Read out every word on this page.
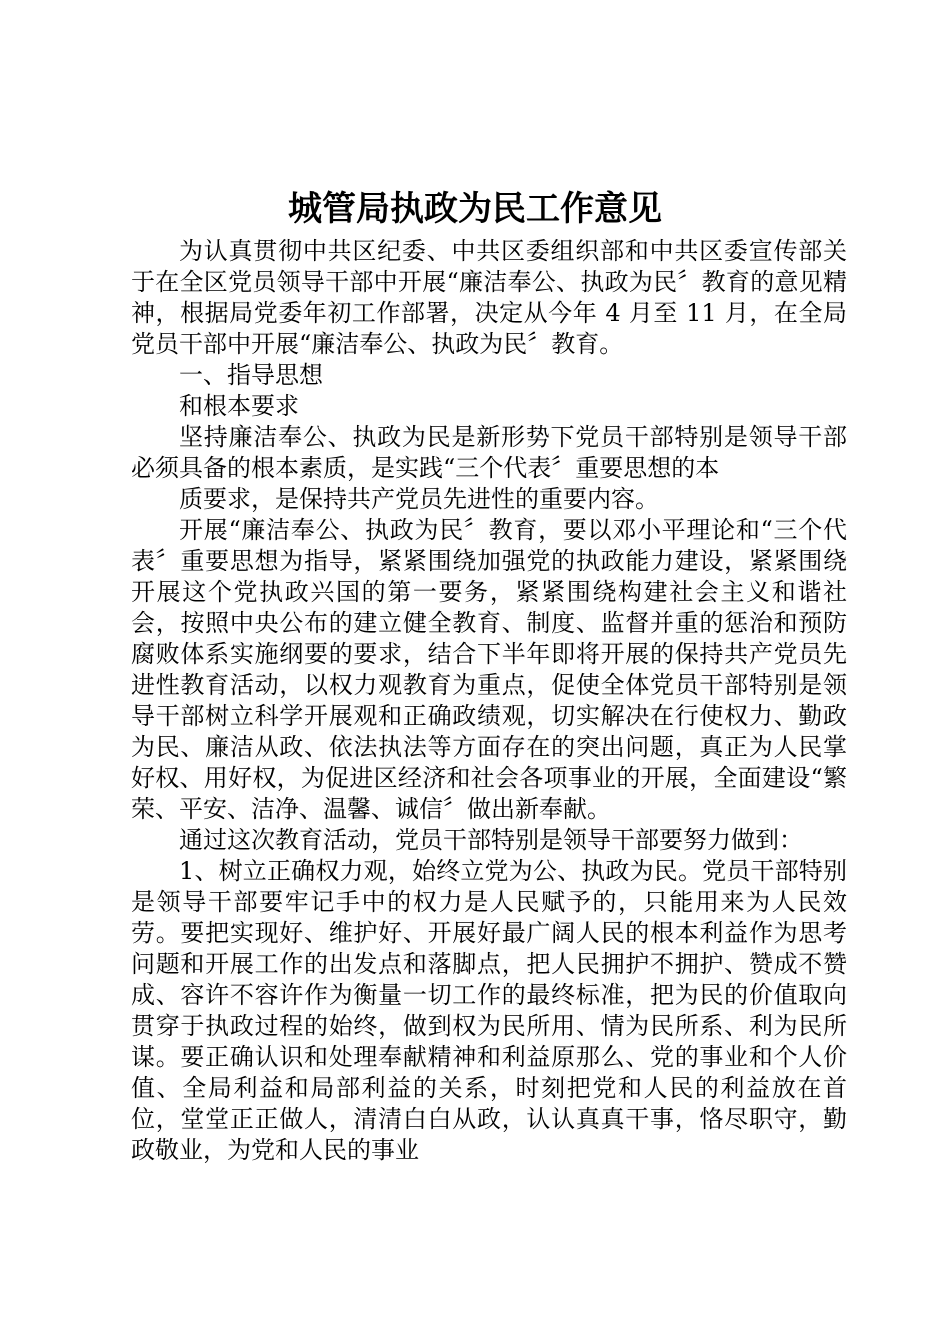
城管局执政为民工作意见

为认真贯彻中共区纪委、中共区委组织部和中共区委宣传部关于在全区党员领导干部中开展“廉洁奉公、执政为民〞教育的意见精神，根据局党委年初工作部署，决定从今年 4 月至 11 月，在全局党员干部中开展“廉洁奉公、执政为民〞教育。

一、指导思想

和根本要求

坚持廉洁奉公、执政为民是新形势下党员干部特别是领导干部必须具备的根本素质，是实践“三个代表〞重要思想的本

质要求，是保持共产党员先进性的重要内容。

开展“廉洁奉公、执政为民〞教育，要以邓小平理论和“三个代表〞重要思想为指导，紧紧围绕加强党的执政能力建设，紧紧围绕开展这个党执政兴国的第一要务，紧紧围绕构建社会主义和谐社会，按照中央公布的建立健全教育、制度、监督并重的惩治和预防腐败体系实施纲要的要求，结合下半年即将开展的保持共产党员先进性教育活动，以权力观教育为重点，促使全体党员干部特别是领导干部树立科学开展观和正确政绩观，切实解决在行使权力、勤政为民、廉洁从政、依法执法等方面存在的突出问题，真正为人民掌好权、用好权，为促进区经济和社会各项事业的开展，全面建设“繁荣、平安、洁净、温馨、诚信〞做出新奉献。

通过这次教育活动，党员干部特别是领导干部要努力做到：

1、树立正确权力观，始终立党为公、执政为民。党员干部特别是领导干部要牢记手中的权力是人民赋予的，只能用来为人民效劳。要把实现好、维护好、开展好最广阔人民的根本利益作为思考问题和开展工作的出发点和落脚点，把人民拥护不拥护、赞成不赞成、容许不容许作为衡量一切工作的最终标准，把为民的价值取向贯穿于执政过程的始终，做到权为民所用、情为民所系、利为民所谋。要正确认识和处理奉献精神和利益原那么、党的事业和个人价值、全局利益和局部利益的关系，时刻把党和人民的利益放在首位，堂堂正正做人，清清白白从政，认认真真干事，恪尽职守，勤政敬业，为党和人民的事业
